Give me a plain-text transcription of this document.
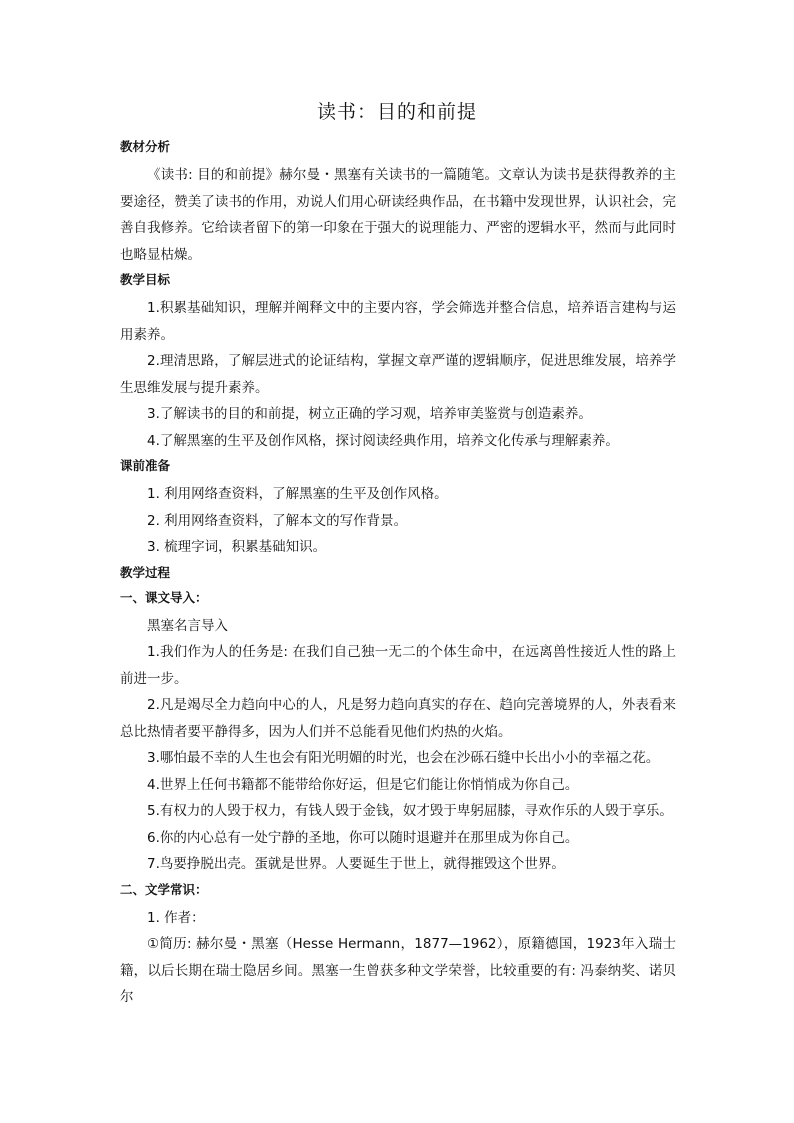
读书：目的和前提
教材分析

《读书: 目的和前提》赫尔曼・黑塞有关读书的一篇随笔。文章认为读书是获得教养的主要途径，赞美了读书的作用，劝说人们用心研读经典作品，在书籍中发现世界，认识社会，完善自我修养。它给读者留下的第一印象在于强大的说理能力、严密的逻辑水平，然而与此同时也略显枯燥。

教学目标

1.积累基础知识，理解并阐释文中的主要内容，学会筛选并整合信息，培养语言建构与运用素养。

2.理清思路，了解层进式的论证结构，掌握文章严谨的逻辑顺序，促进思维发展，培养学生思维发展与提升素养。

3.了解读书的目的和前提，树立正确的学习观，培养审美鉴赏与创造素养。

4.了解黑塞的生平及创作风格，探讨阅读经典作用，培养文化传承与理解素养。

课前准备

1. 利用网络查资料，了解黑塞的生平及创作风格。

2. 利用网络查资料，了解本文的写作背景。

3. 梳理字词，积累基础知识。

教学过程
一、课文导入：

黑塞名言导入

1.我们作为人的任务是: 在我们自己独一无二的个体生命中，在远离兽性接近人性的路上前进一步。

2.凡是竭尽全力趋向中心的人，凡是努力趋向真实的存在、趋向完善境界的人，外表看来总比热情者要平静得多，因为人们并不总能看见他们灼热的火焰。

3.哪怕最不幸的人生也会有阳光明媚的时光，也会在沙砾石缝中长出小小的幸福之花。

4.世界上任何书籍都不能带给你好运，但是它们能让你悄悄成为你自己。

5.有权力的人毁于权力，有钱人毁于金钱，奴才毁于卑躬屈膝，寻欢作乐的人毁于享乐。

6.你的内心总有一处宁静的圣地，你可以随时退避并在那里成为你自己。

7.鸟要挣脱出壳。蛋就是世界。人要诞生于世上，就得摧毁这个世界。

二、文学常识：

1. 作者：

①简历: 赫尔曼・黑塞（Hesse Hermann，1877—1962），原籍德国，1923年入瑞士籍，以后长期在瑞士隐居乡间。黑塞一生曾获多种文学荣誉，比较重要的有: 冯泰纳奖、诺贝尔
